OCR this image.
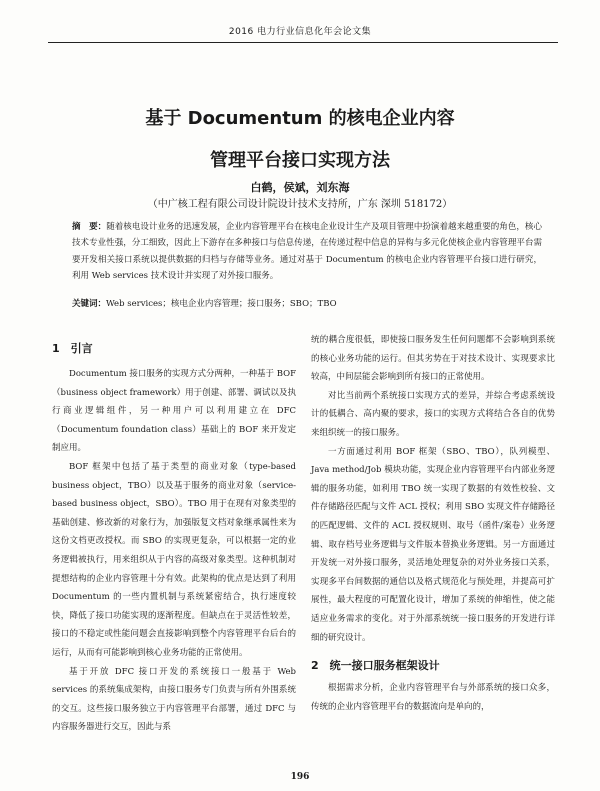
2016 电力行业信息化年会论文集
基于 Documentum 的核电企业内容
管理平台接口实现方法
白鹤，侯斌，刘东海
（中广核工程有限公司设计院设计技术支持所，广东 深圳 518172）
摘　要：随着核电设计业务的迅速发展，企业内容管理平台在核电企业设计生产及项目管理中扮演着越来越重要的角色，核心技术专业性强，分工细致，因此上下游存在多种接口与信息传递，在传递过程中信息的异构与多元化使核企业内容管理平台需要开发相关接口系统以提供数据的归档与存储等业务。通过对基于 Documentum 的核电企业内容管理平台接口进行研究，利用 Web services 技术设计并实现了对外接口服务。
关键词：Web services；核电企业内容管理；接口服务；SBO；TBO
1　引言

Documentum 接口服务的实现方式分两种，一种基于 BOF（business object framework）用于创建、部署、调试以及执行商业逻辑组件，另一种用户可以利用建立在 DFC（Documentum foundation class）基础上的 BOF 来开发定制应用。

BOF 框架中包括了基于类型的商业对象（type-based business object，TBO）以及基于服务的商业对象（service-based business object，SBO）。TBO 用于在现有对象类型的基础创建、修改新的对象行为，加强版复文档对象继承属性来为这份文档更改授权。而 SBO 的实现更复杂，可以根据一定的业务逻辑被执行，用来组织从于内容的高级对象类型。这种机制对提想结构的企业内容管理十分有效。此架构的优点是达到了利用 Documentum 的一些内置机制与系统紧密结合，执行速度较快，降低了接口功能实现的逐渐程度。但缺点在于灵活性较差，接口的不稳定或性能问题会直接影响到整个内容管理平台后台的运行，从而有可能影响到核心业务功能的正常使用。

基于开放 DFC 接口开发的系统接口一般基于 Web services 的系统集成架构，由接口服务专门负责与所有外围系统的交互。这些接口服务独立于内容管理平台部署，通过 DFC 与内容服务器进行交互，因此与系

统的耦合度很低，即使接口服务发生任何问题都不会影响到系统的核心业务功能的运行。但其劣势在于对技术设计、实现要求比较高，中间层能会影响到所有接口的正常使用。

对比当前两个系统接口实现方式的差异，并综合考虑系统设计的低耦合、高内聚的要求，接口的实现方式将结合各自的优势来组织统一的接口服务。

一方面通过利用 BOF 框架（SBO、TBO），队列模型、Java method/Job 模块功能，实现企业内容管理平台内部业务逻辑的服务功能，如利用 TBO 统一实现了数据的有效性校验、文件存储路径匹配与文件 ACL 授权；利用 SBO 实现文件存储路径的匹配逻辑、文件的 ACL 授权规则、取号（函件/案卷）业务逻辑、取存档号业务逻辑与文件版本替换业务逻辑。另一方面通过开发统一对外接口服务，灵活地处理复杂的对外业务接口关系，实现多平台间数据的通信以及格式规范化与预处理，并提高可扩展性，最大程度的可配置化设计，增加了系统的伸缩性，使之能适应业务需求的变化。对于外部系统统一接口服务的开发进行详细的研究设计。

2　统一接口服务框架设计

根据需求分析，企业内容管理平台与外部系统的接口众多，传统的企业内容管理平台的数据流向是单向的，

196
